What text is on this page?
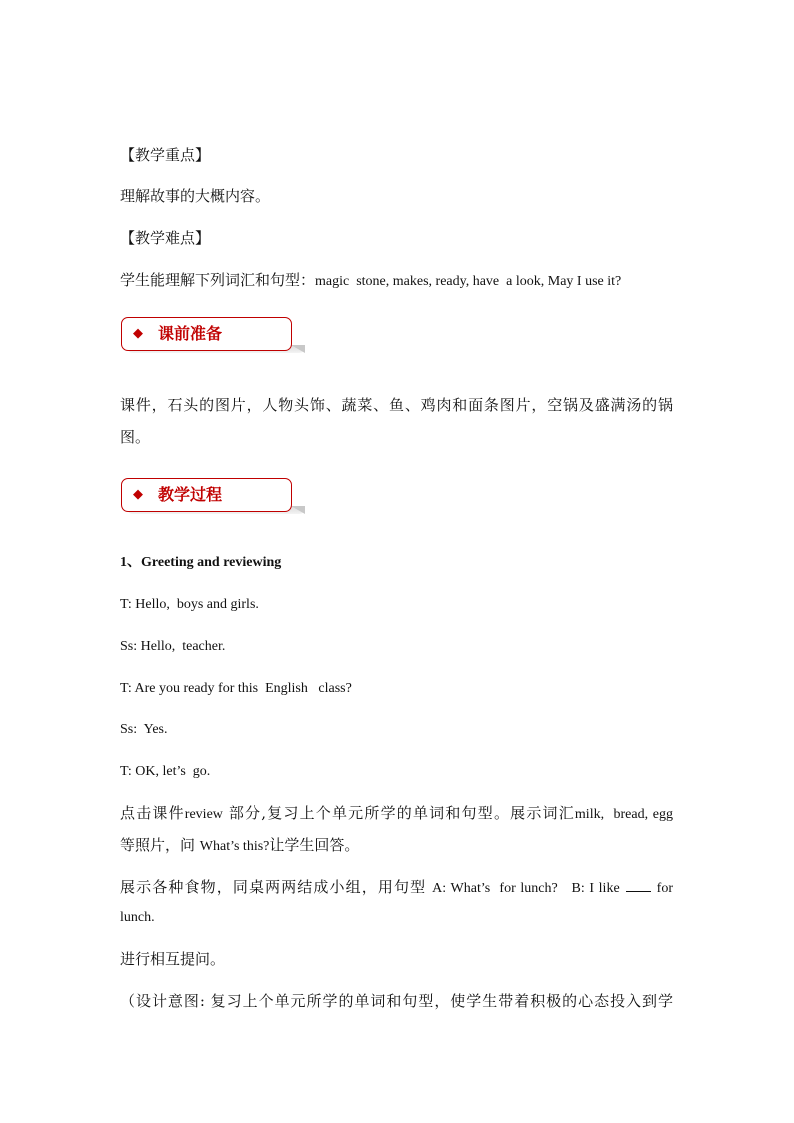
【教学重点】

理解故事的大概内容。

【教学难点】

学生能理解下列词汇和句型：magic  stone, makes, ready, have  a look, May I use it?

◆ 课前准备

课件，石头的图片，人物头饰、蔬菜、鱼、鸡肉和面条图片，空锅及盛满汤的锅

图。

◆ 教学过程

1、Greeting and reviewing

T: Hello,  boys and girls.

Ss: Hello,  teacher.

T: Are you ready for this  English   class?

Ss:  Yes.

T: OK, let’s  go.

点击课件review 部分,复习上个单元所学的单词和句型。展示词汇milk,  bread, egg

等照片，问 What’s this?让学生回答。

展示各种食物，同桌两两结成小组，用句型 A: What’s  for lunch?   B: I like	for

lunch.

进行相互提问。

（设计意图: 复习上个单元所学的单词和句型，使学生带着积极的心态投入到学
